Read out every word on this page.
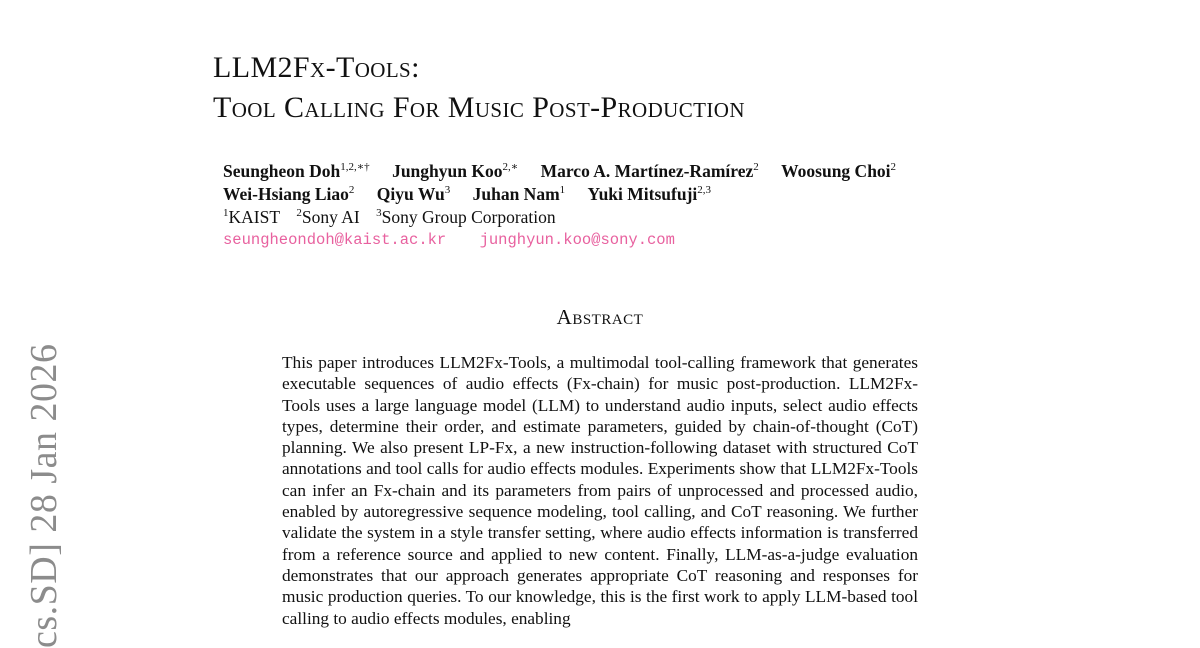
cs.SD] 28 Jan 2026
LLM2Fx-Tools:
Tool Calling For Music Post-Production
Seungheon Doh$^{1,2,∗\dagger}$ Junghyun Koo$^{2,∗}$ Marco A. Martínez-Ramírez$^2$ Woosung Choi$^2$
Wei-Hsiang Liao$^2$ Qiyu Wu$^3$ Juhan Nam$^1$ Yuki Mitsufuji$^{2,3}$
$^1$KAIST $^2$Sony AI $^3$Sony Group Corporation
seungheondoh@kaist.ac.kr junghyun.koo@sony.com
Abstract
This paper introduces LLM2Fx-Tools, a multimodal tool-calling framework that generates executable sequences of audio effects (Fx-chain) for music post-production. LLM2Fx-Tools uses a large language model (LLM) to understand audio inputs, select audio effects types, determine their order, and estimate parameters, guided by chain-of-thought (CoT) planning. We also present LP-Fx, a new instruction-following dataset with structured CoT annotations and tool calls for audio effects modules. Experiments show that LLM2Fx-Tools can infer an Fx-chain and its parameters from pairs of unprocessed and processed audio, enabled by autoregressive sequence modeling, tool calling, and CoT reasoning. We further validate the system in a style transfer setting, where audio effects information is transferred from a reference source and applied to new content. Finally, LLM-as-a-judge evaluation demonstrates that our approach generates appropriate CoT reasoning and responses for music production queries. To our knowledge, this is the first work to apply LLM-based tool calling to audio effects modules, enabling
